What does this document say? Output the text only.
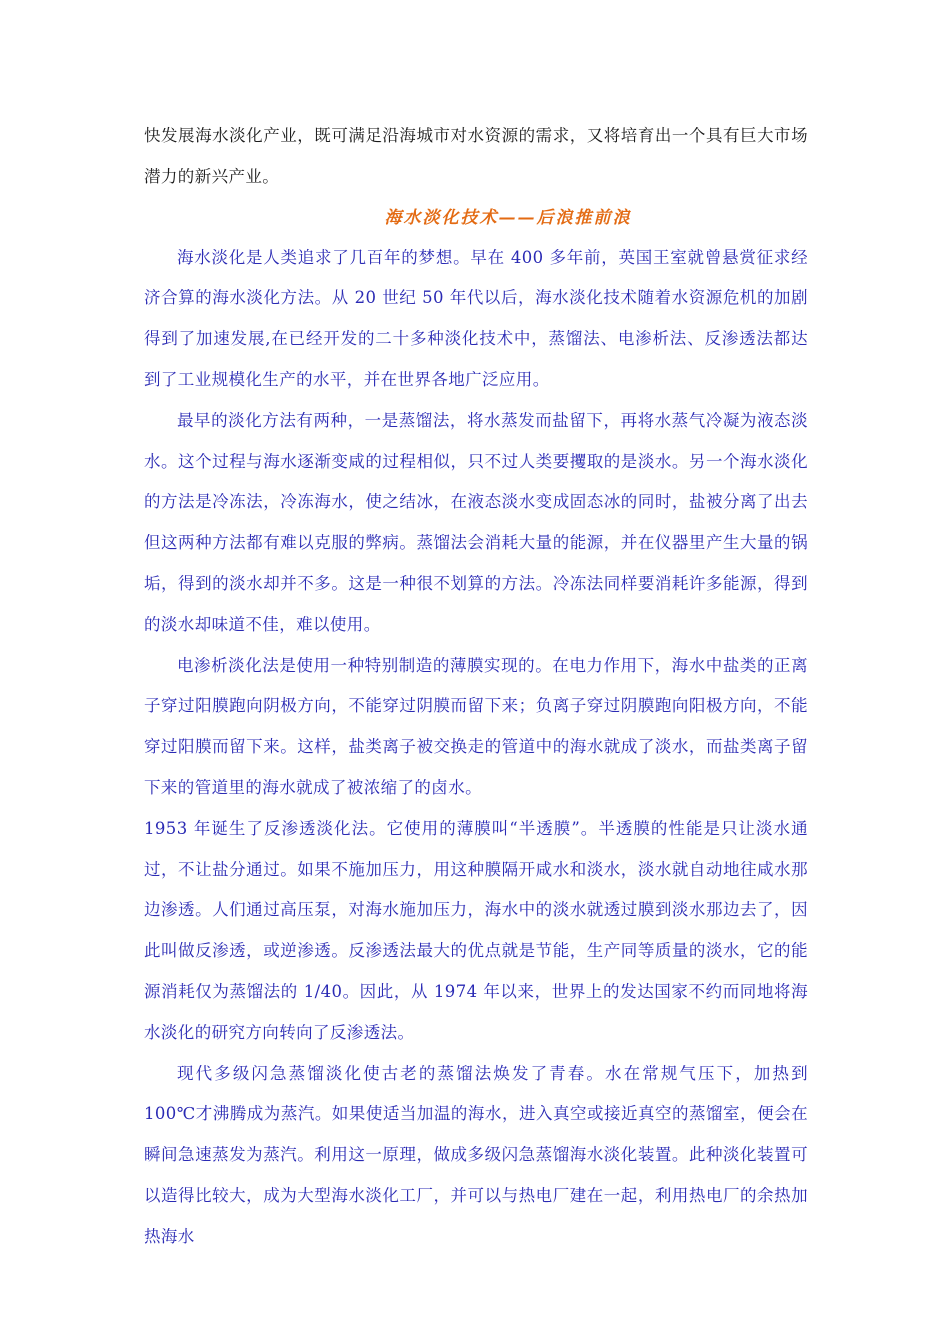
快发展海水淡化产业，既可满足沿海城市对水资源的需求，又将培育出一个具有巨大市场潜力的新兴产业。

海水淡化技术——后浪推前浪

海水淡化是人类追求了几百年的梦想。早在 400 多年前，英国王室就曾悬赏征求经济合算的海水淡化方法。从 20 世纪 50 年代以后，海水淡化技术随着水资源危机的加剧得到了加速发展,在已经开发的二十多种淡化技术中，蒸馏法、电渗析法、反渗透法都达到了工业规模化生产的水平，并在世界各地广泛应用。

最早的淡化方法有两种，一是蒸馏法，将水蒸发而盐留下，再将水蒸气冷凝为液态淡水。这个过程与海水逐渐变咸的过程相似，只不过人类要攫取的是淡水。另一个海水淡化的方法是冷冻法，冷冻海水，使之结冰，在液态淡水变成固态冰的同时，盐被分离了出去但这两种方法都有难以克服的弊病。蒸馏法会消耗大量的能源，并在仪器里产生大量的锅垢，得到的淡水却并不多。这是一种很不划算的方法。冷冻法同样要消耗许多能源，得到的淡水却味道不佳，难以使用。

电渗析淡化法是使用一种特别制造的薄膜实现的。在电力作用下，海水中盐类的正离子穿过阳膜跑向阴极方向，不能穿过阴膜而留下来；负离子穿过阴膜跑向阳极方向，不能穿过阳膜而留下来。这样，盐类离子被交换走的管道中的海水就成了淡水，而盐类离子留下来的管道里的海水就成了被浓缩了的卤水。

1953 年诞生了反渗透淡化法。它使用的薄膜叫“半透膜”。半透膜的性能是只让淡水通过，不让盐分通过。如果不施加压力，用这种膜隔开咸水和淡水，淡水就自动地往咸水那边渗透。人们通过高压泵，对海水施加压力，海水中的淡水就透过膜到淡水那边去了，因此叫做反渗透，或逆渗透。反渗透法最大的优点就是节能，生产同等质量的淡水，它的能源消耗仅为蒸馏法的 1/40。因此，从 1974 年以来，世界上的发达国家不约而同地将海水淡化的研究方向转向了反渗透法。

现代多级闪急蒸馏淡化使古老的蒸馏法焕发了青春。水在常规气压下，加热到 100℃才沸腾成为蒸汽。如果使适当加温的海水，进入真空或接近真空的蒸馏室，便会在瞬间急速蒸发为蒸汽。利用这一原理，做成多级闪急蒸馏海水淡化装置。此种淡化装置可以造得比较大，成为大型海水淡化工厂，并可以与热电厂建在一起，利用热电厂的余热加热海水
